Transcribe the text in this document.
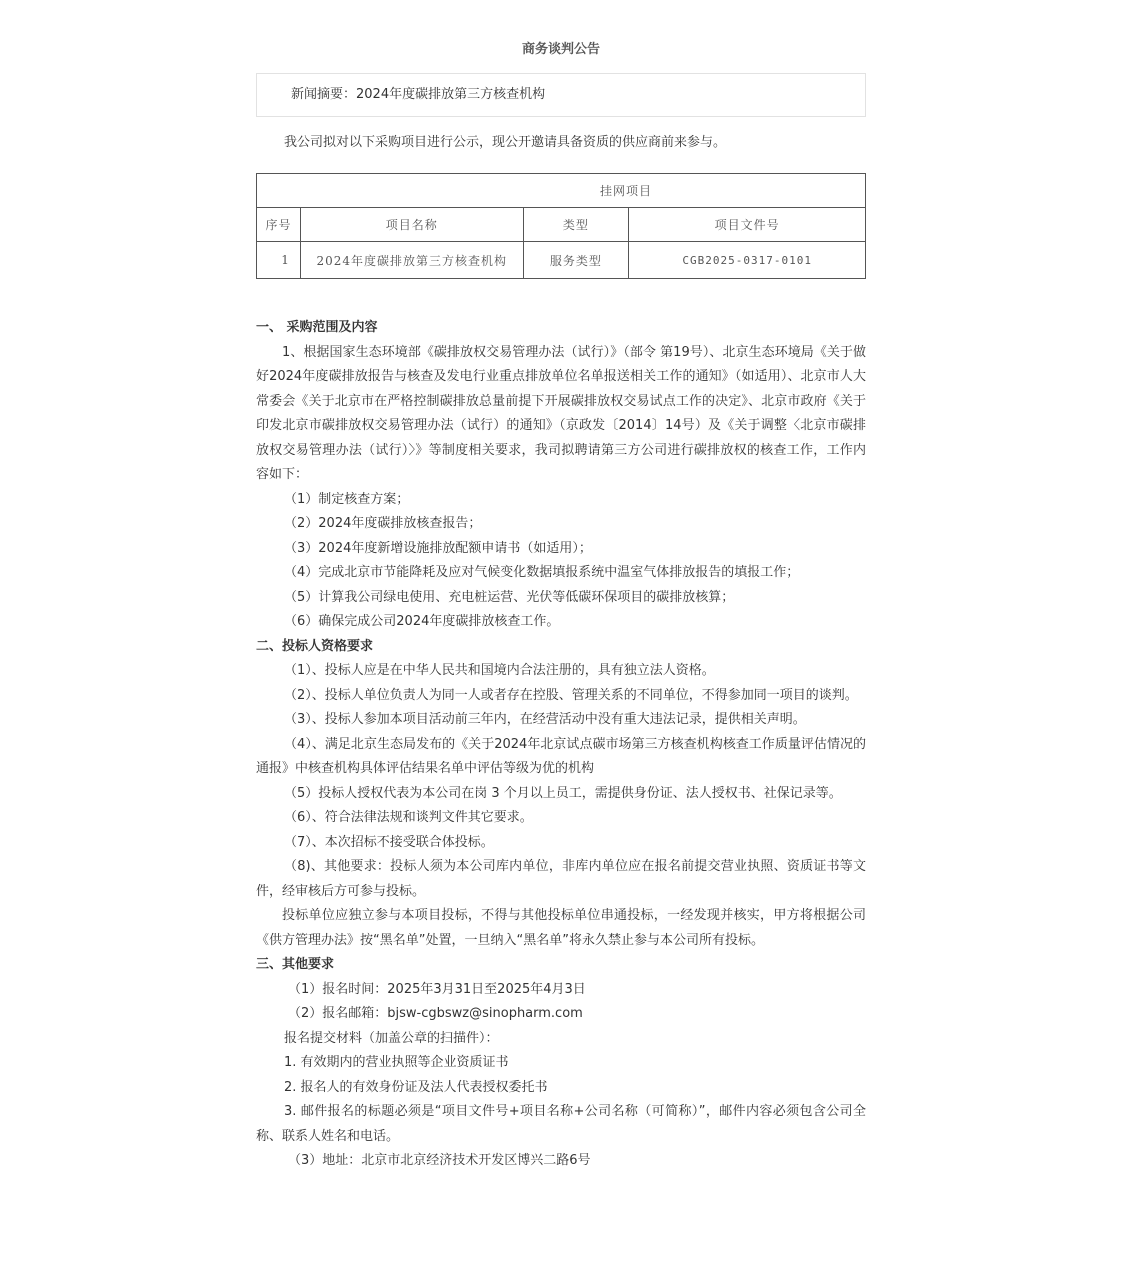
商务谈判公告
新闻摘要：2024年度碳排放第三方核查机构
我公司拟对以下采购项目进行公示，现公开邀请具备资质的供应商前来参与。
挂网项目			
序号	项目名称	类型	项目文件号
1	2024年度碳排放第三方核查机构	服务类型	CGB2025-0317-0101

一、 采购范围及内容

1、根据国家生态环境部《碳排放权交易管理办法（试行）》（部令 第19号）、北京生态环境局《关于做好2024年度碳排放报告与核查及发电行业重点排放单位名单报送相关工作的通知》（如适用）、北京市人大常委会《关于北京市在严格控制碳排放总量前提下开展碳排放权交易试点工作的决定》、北京市政府《关于印发北京市碳排放权交易管理办法（试行）的通知》（京政发〔2014〕14号）及《关于调整〈北京市碳排放权交易管理办法（试行）〉》等制度相关要求，我司拟聘请第三方公司进行碳排放权的核查工作，工作内容如下：

（1）制定核查方案；

（2）2024年度碳排放核查报告；

（3）2024年度新增设施排放配额申请书（如适用）；

（4）完成北京市节能降耗及应对气候变化数据填报系统中温室气体排放报告的填报工作；

（5）计算我公司绿电使用、充电桩运营、光伏等低碳环保项目的碳排放核算；

（6）确保完成公司2024年度碳排放核查工作。

二、投标人资格要求

（1）、投标人应是在中华人民共和国境内合法注册的，具有独立法人资格。

（2）、投标人单位负责人为同一人或者存在控股、管理关系的不同单位，不得参加同一项目的谈判。

（3）、投标人参加本项目活动前三年内，在经营活动中没有重大违法记录，提供相关声明。

（4）、满足北京生态局发布的《关于2024年北京试点碳市场第三方核查机构核查工作质量评估情况的通报》中核查机构具体评估结果名单中评估等级为优的机构

（5）投标人授权代表为本公司在岗 3 个月以上员工，需提供身份证、法人授权书、社保记录等。

（6）、符合法律法规和谈判文件其它要求。

（7）、本次招标不接受联合体投标。

（8)、其他要求：投标人须为本公司库内单位，非库内单位应在报名前提交营业执照、资质证书等文件，经审核后方可参与投标。

投标单位应独立参与本项目投标，不得与其他投标单位串通投标，一经发现并核实，甲方将根据公司《供方管理办法》按“黑名单”处置，一旦纳入“黑名单”将永久禁止参与本公司所有投标。

三、其他要求

（1）报名时间：2025年3月31日至2025年4月3日

（2）报名邮箱：bjsw-cgbswz@sinopharm.com

报名提交材料（加盖公章的扫描件）：

1. 有效期内的营业执照等企业资质证书

2. 报名人的有效身份证及法人代表授权委托书

3. 邮件报名的标题必须是“项目文件号+项目名称+公司名称（可简称）”，邮件内容必须包含公司全称、联系人姓名和电话。

（3）地址：北京市北京经济技术开发区博兴二路6号
